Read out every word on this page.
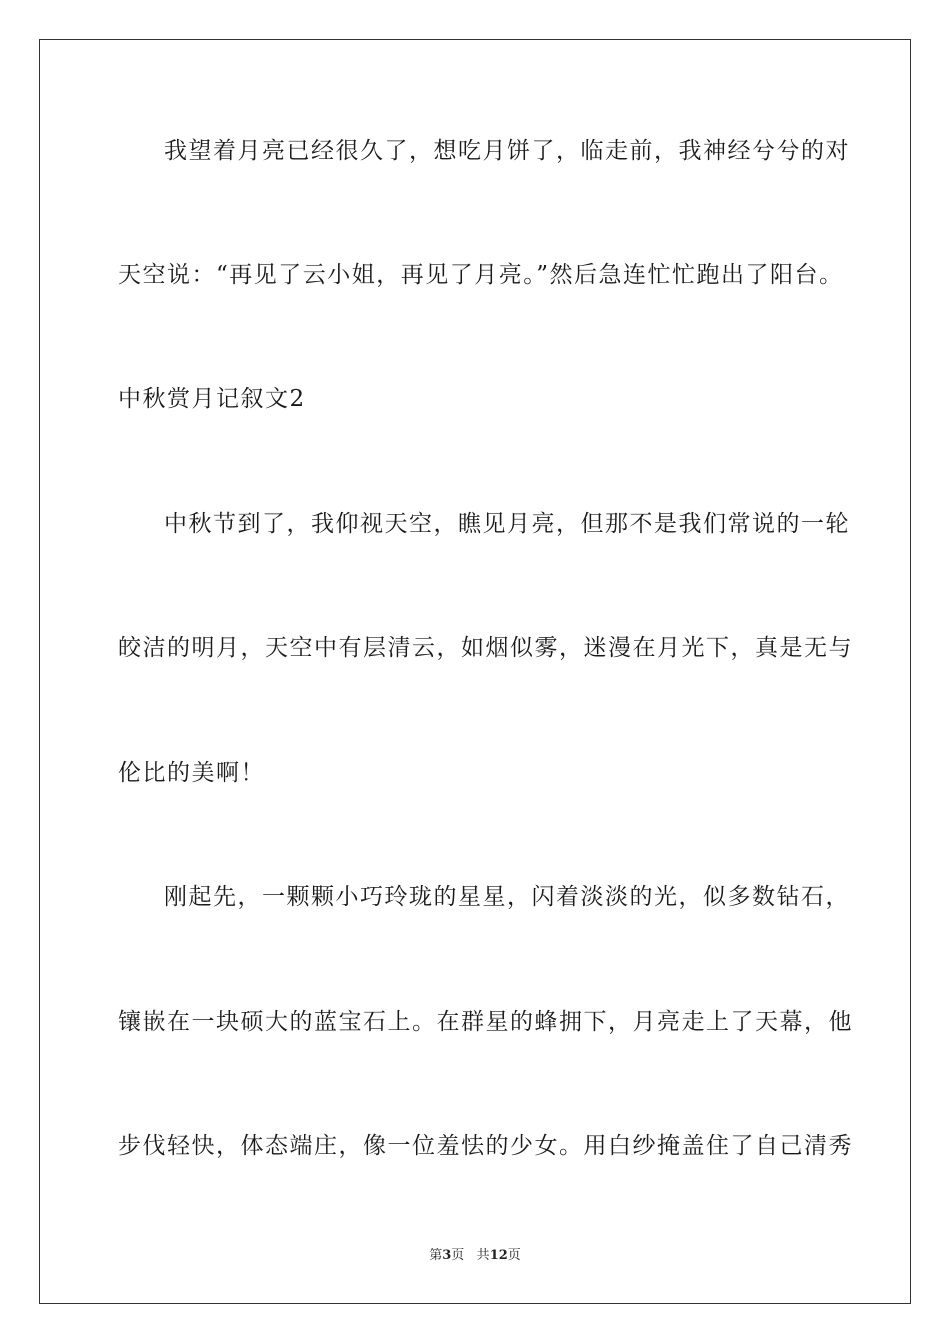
我望着月亮已经很久了，想吃月饼了，临走前，我神经兮兮的对
天空说：“再见了云小姐，再见了月亮。”然后急连忙忙跑出了阳台。
中秋赏月记叙文2
中秋节到了，我仰视天空，瞧见月亮，但那不是我们常说的一轮
皎洁的明月，天空中有层清云，如烟似雾，迷漫在月光下，真是无与
伦比的美啊！
刚起先，一颗颗小巧玲珑的星星，闪着淡淡的光，似多数钻石，
镶嵌在一块硕大的蓝宝石上。在群星的蜂拥下，月亮走上了天幕，他
步伐轻快，体态端庄，像一位羞怯的少女。用白纱掩盖住了自己清秀
第3页 共12页
